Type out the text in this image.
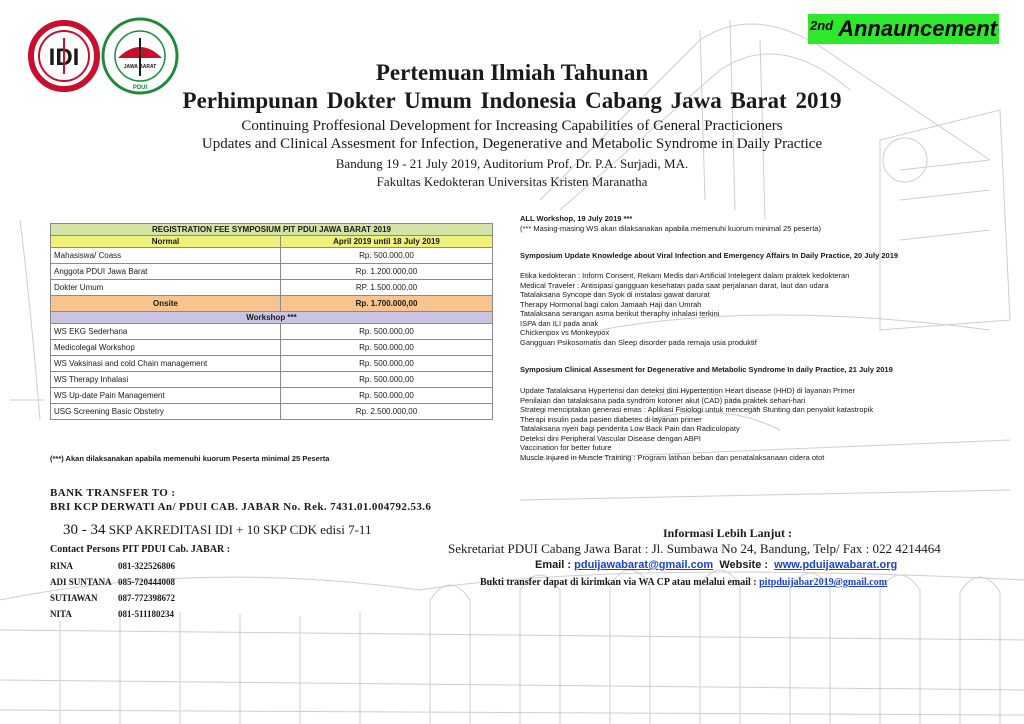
$^{2nd}$ Annauncement
IDI	JAWA BARAT
PDUI
Pertemuan Ilmiah Tahunan
Perhimpunan Dokter Umum Indonesia Cabang Jawa Barat 2019
Continuing Proffesional Development for Increasing Capabilities of General Practicioners
Updates and Clinical Assesment for Infection, Degenerative and Metabolic Syndrome in Daily Practice
Bandung 19 - 21 July 2019, Auditorium Prof. Dr. P.A. Surjadi, MA.
Fakultas Kedokteran Universitas Kristen Maranatha
REGISTRATION FEE SYMPOSIUM PIT PDUI JAWA BARAT 2019	
Normal	April 2019 until 18 July 2019
Mahasiswa/ Coass	Rp. 500.000,00
Anggota PDUI Jawa Barat	Rp. 1.200.000,00
Dokter Umum	RP. 1.500.000,00
Onsite	Rp. 1.700.000,00
Workshop ***	
WS EKG Sederhana	Rp. 500.000,00
Medicolegal Workshop	Rp. 500.000,00
WS Vaksinasi and cold Chain management	Rp. 500.000,00
WS Therapy Inhalasi	Rp. 500.000,00
WS Up-date Pain Management	Rp. 500.000,00
USG Screening Basic Obstetry	Rp. 2.500.000,00
(***) Akan dilaksanakan apabila memenuhi kuorum Peserta minimal 25 Peserta
ALL Workshop, 19 July 2019 ***
(*** Masing-masing WS akan dilaksanakan apabila memenuhi kuorum minimal 25 peserta)
Symposium Update Knowledge about Viral Infection and Emergency Affairs In Daily Practice, 20 July 2019
Etika kedokteran : Inform Consent, Rekam Medis dan Artificial Intelegent dalam praktek kedokteran
Medical Traveler : Antisipasi gangguan kesehatan pada saat perjalanan darat, laut dan udara
Tatalaksana Syncope dan Syok di instalasi gawat darurat
Therapy Hormonal bagi calon Jamaah Haji dan Umrah
Tatalaksana serangan asma berikut theraphy inhalasi terkini
ISPA dan ILI pada anak
Chickenpox vs Monkeypox
Gangguan Psikosomatis dan Sleep disorder pada remaja usia produktif
Symposium Clinical Assesment for Degenerative and Metabolic Syndrome In daily Practice, 21 July 2019
Update Tatalaksana Hypertensi dan deteksi dini Hypertention Heart disease (HHD) di layanan Primer
Penilaian dan tatalaksana pada syndrom koroner akut (CAD) pada praktek sehari-hari
Strategi menciptakan generasi emas : Aplikasi Fisiologi untuk mencegah Stunting dan penyakit katastropik
Therapi insulin pada pasien diabetes di layanan primer
Tatalaksana nyeri bagi penderita Low Back Pain dan Radiculopaty
Deteksi dini Peripheral Vascular Disease dengan ABPI
Vaccination for better future
Muscle Injured in Muscle Training : Program latihan beban dan penatalaksanaan cidera otot
BANK TRANSFER TO :
BRI KCP DERWATI An/ PDUI CAB. JABAR No. Rek. 7431.01.004792.53.6
30 - 34 SKP AKREDITASI IDI + 10 SKP CDK edisi 7-11
Contact Persons PIT PDUI Cab. JABAR :
RINA	081-322526806
ADI SUNTANA 085-720444008
SUTIAWAN	087-772398672
NITA	081-511180234
Informasi Lebih Lanjut :
Sekretariat PDUI Cabang Jawa Barat : Jl. Sumbawa No 24, Bandung, Telp/ Fax : 022 4214464
Email : pduijawabarat@gmail.com  Website :  www.pduijawabarat.org
Bukti transfer dapat di kirimkan via WA CP atau melalui email : pitpduijabar2019@gmail.com
